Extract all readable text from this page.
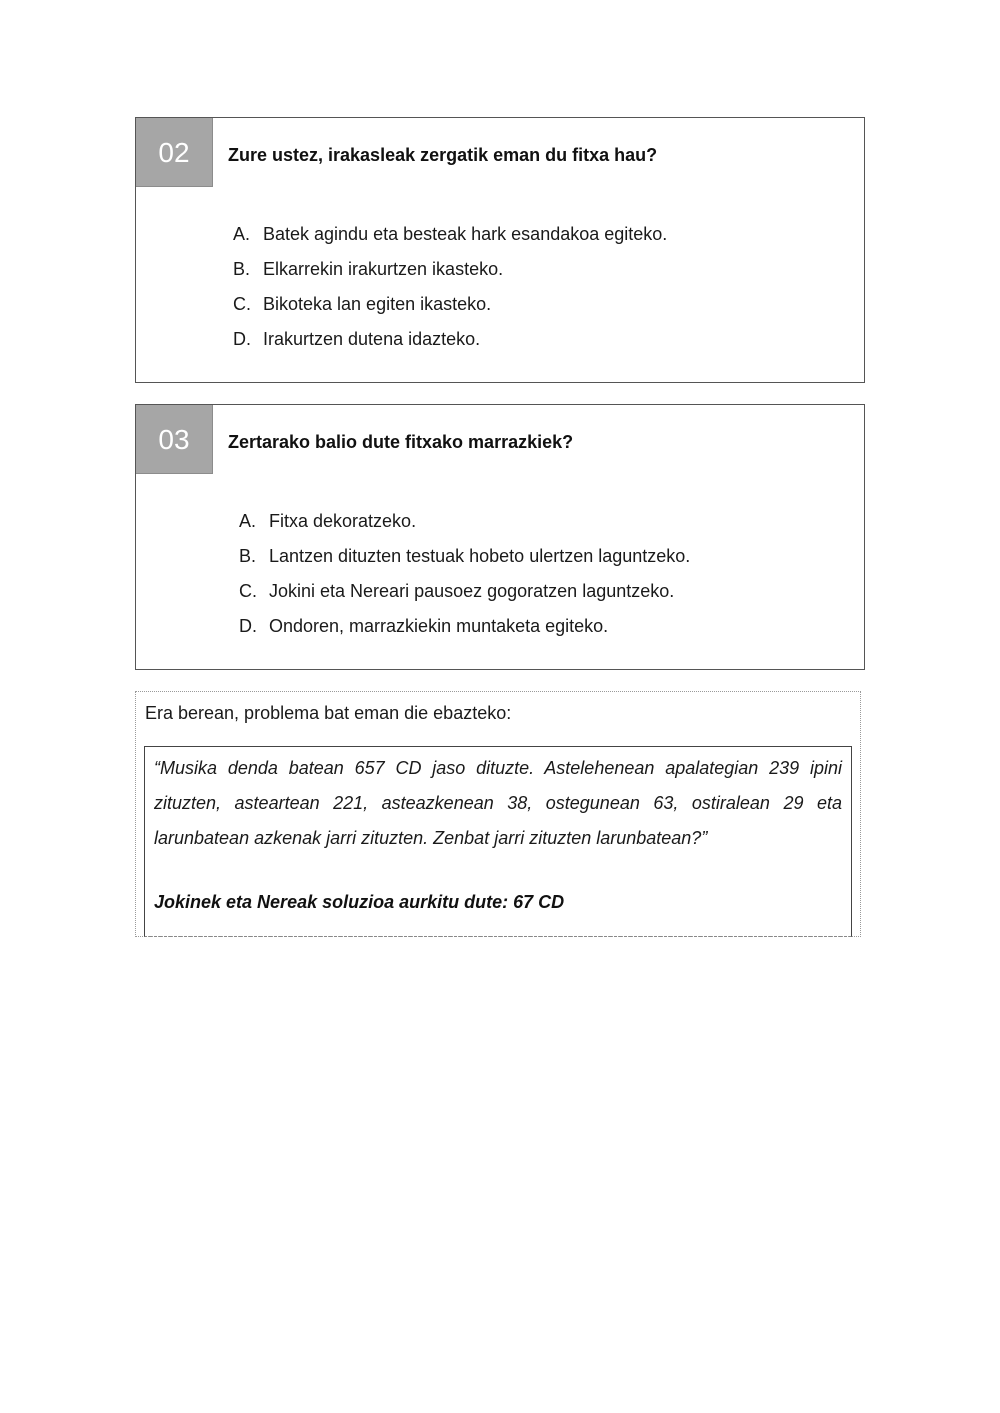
02	Zure ustez, irakasleak zergatik eman du fitxa hau?
A. Batek agindu eta besteak hark esandakoa egiteko.
B. Elkarrekin irakurtzen ikasteko.
C. Bikoteka lan egiten ikasteko.
D. Irakurtzen dutena idazteko.
03	Zertarako balio dute fitxako marrazkiek?
A. Fitxa dekoratzeko.
B. Lantzen dituzten testuak hobeto ulertzen laguntzeko.
C. Jokini eta Nereari pausoez gogoratzen laguntzeko.
D. Ondoren, marrazkiekin muntaketa egiteko.
Era berean, problema bat eman die ebazteko:

“Musika denda batean 657 CD jaso dituzte. Astelehenean apalategian 239 ipini zituzten, asteartean 221, asteazkenean 38, ostegunean 63, ostiralean 29 eta larunbatean azkenak jarri zituzten. Zenbat jarri zituzten larunbatean?”

Jokinek eta Nereak soluzioa aurkitu dute: 67 CD
